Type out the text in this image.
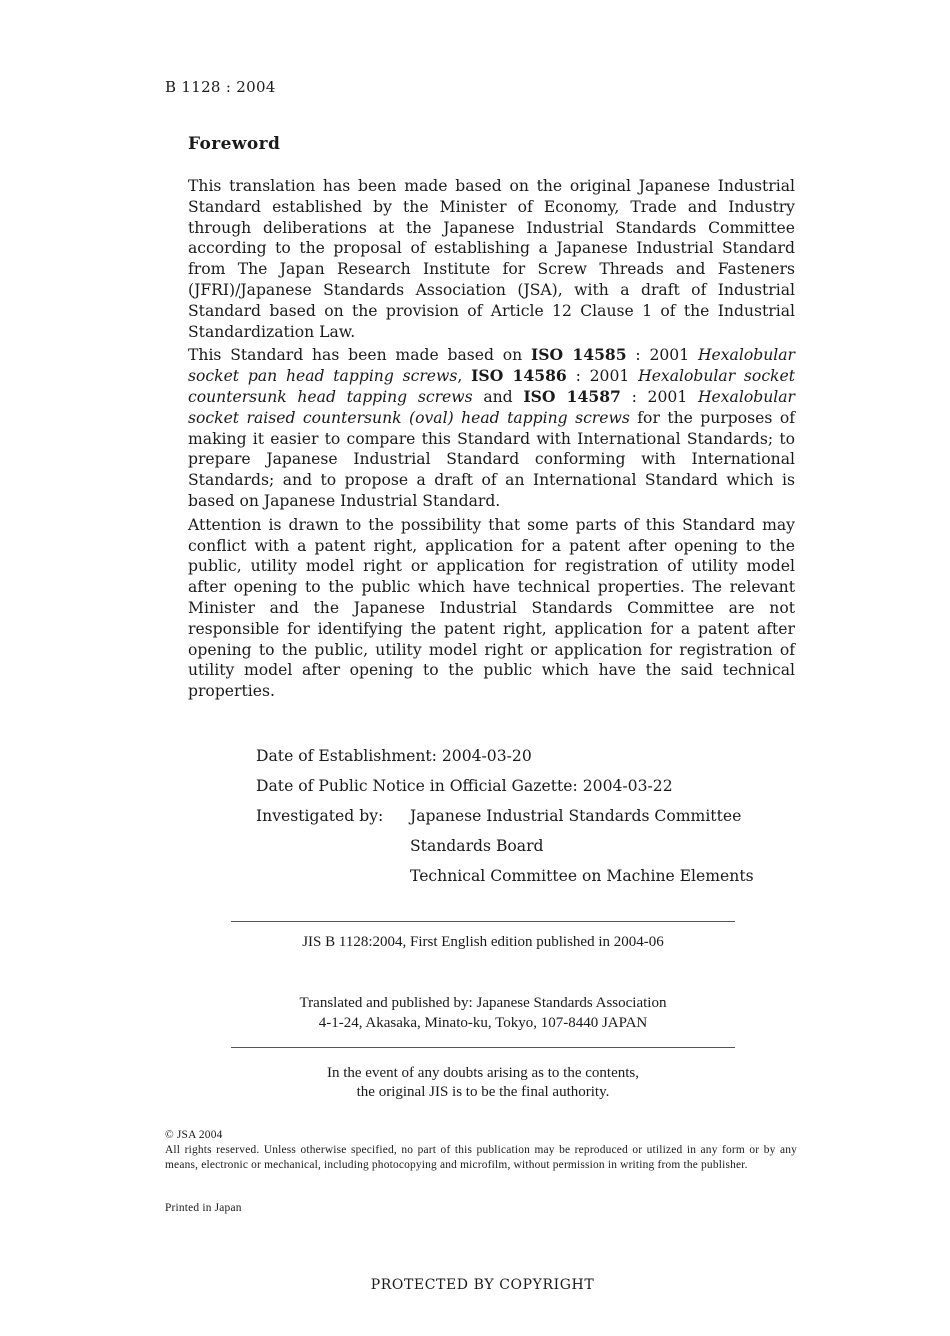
B 1128 : 2004
Foreword

This translation has been made based on the original Japanese Industrial Standard established by the Minister of Economy, Trade and Industry through deliberations at the Japanese Industrial Standards Committee according to the proposal of establishing a Japanese Industrial Standard from The Japan Research Institute for Screw Threads and Fasteners (JFRI)/Japanese Standards Association (JSA), with a draft of Industrial Standard based on the provision of Article 12 Clause 1 of the Industrial Standardization Law.

This Standard has been made based on ISO 14585 : 2001 Hexalobular socket pan head tapping screws, ISO 14586 : 2001 Hexalobular socket countersunk head tapping screws and ISO 14587 : 2001 Hexalobular socket raised countersunk (oval) head tapping screws for the purposes of making it easier to compare this Standard with International Standards; to prepare Japanese Industrial Standard conforming with International Standards; and to propose a draft of an International Standard which is based on Japanese Industrial Standard.

Attention is drawn to the possibility that some parts of this Standard may conflict with a patent right, application for a patent after opening to the public, utility model right or application for registration of utility model after opening to the public which have technical properties. The relevant Minister and the Japanese Industrial Standards Committee are not responsible for identifying the patent right, application for a patent after opening to the public, utility model right or application for registration of utility model after opening to the public which have the said technical properties.

Date of Establishment: 2004-03-20
Date of Public Notice in Official Gazette: 2004-03-22
Investigated by:	Japanese Industrial Standards Committee
Standards Board
Technical Committee on Machine Elements
JIS B 1128:2004, First English edition published in 2004-06
Translated and published by: Japanese Standards Association
4-1-24, Akasaka, Minato-ku, Tokyo, 107-8440 JAPAN
In the event of any doubts arising as to the contents,
the original JIS is to be the final authority.
© JSA 2004
All rights reserved. Unless otherwise specified, no part of this publication may be reproduced or utilized in any form or by any means, electronic or mechanical, including photocopying and microfilm, without permission in writing from the publisher.
Printed in Japan
PROTECTED BY COPYRIGHT
